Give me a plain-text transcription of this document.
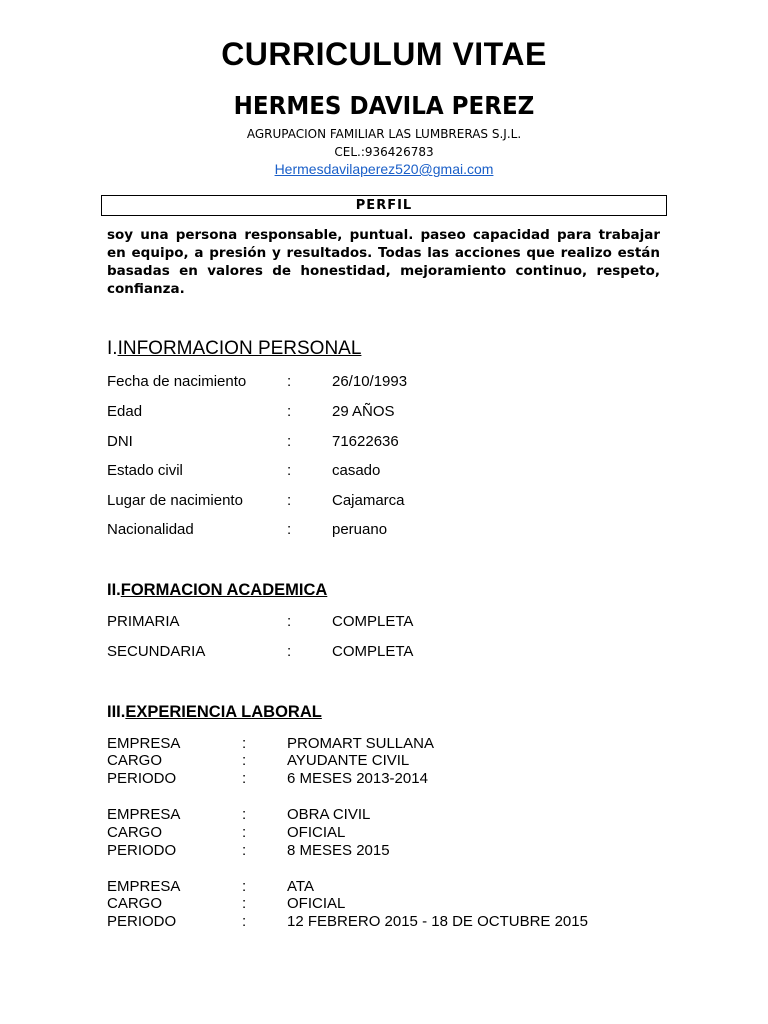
CURRICULUM VITAE
HERMES DAVILA PEREZ
AGRUPACION FAMILIAR LAS LUMBRERAS S.J.L.
CEL.:936426783
Hermesdavilaperez520@gmai.com
PERFIL
soy una persona responsable, puntual. paseo capacidad para trabajar en equipo, a presión y resultados. Todas las acciones que realizo están basadas en valores de honestidad, mejoramiento continuo, respeto, confianza.
I.INFORMACION PERSONAL
Fecha de nacimiento	:	26/10/1993
Edad	:	29 AÑOS
DNI	:	71622636
Estado civil	:	casado
Lugar de nacimiento	:	Cajamarca
Nacionalidad	:	peruano
II.FORMACION ACADEMICA
PRIMARIA	:	COMPLETA
SECUNDARIA	:	COMPLETA
III.EXPERIENCIA LABORAL
EMPRESA	:	PROMART SULLANA
CARGO	:	AYUDANTE CIVIL
PERIODO	:	6 MESES 2013-2014
EMPRESA	:	OBRA CIVIL
CARGO	:	OFICIAL
PERIODO	:	8 MESES 2015
EMPRESA	:	ATA
CARGO	:	OFICIAL
PERIODO	:	12 FEBRERO 2015 - 18 DE OCTUBRE 2015
